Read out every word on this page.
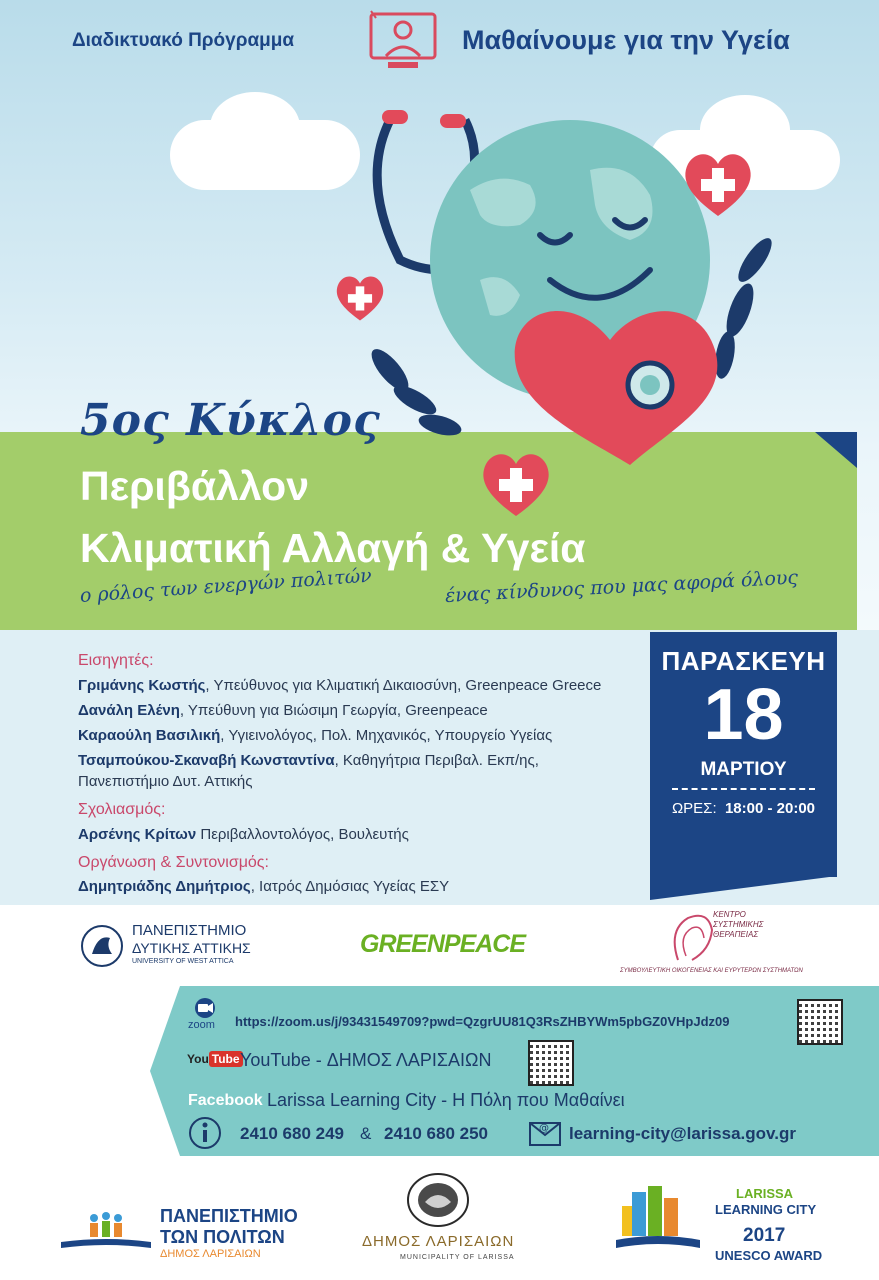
Διαδικτυακό Πρόγραμμα	Μαθαίνουμε για την Υγεία
5ος Κύκλος
Περιβάλλον
Κλιματική Αλλαγή & Υγεία
ο ρόλος των ενεργών πολιτών	ένας κίνδυνος που μας αφορά όλους
Εισηγητές:
Γριμάνης Κωστής, Υπεύθυνος για Κλιματική Δικαιοσύνη, Greenpeace Greece
Δανάλη Ελένη, Υπεύθυνη για Βιώσιμη Γεωργία, Greenpeace
Καραούλη Βασιλική, Υγιεινολόγος, Πολ. Μηχανικός, Υπουργείο Υγείας
Τσαμπούκου-Σκαναβή Κωνσταντίνα, Καθηγήτρια Περιβαλ. Εκπ/ης,
Πανεπιστήμιο Δυτ. Αττικής
Σχολιασμός:
Αρσένης Κρίτων Περιβαλλοντολόγος, Βουλευτής
Οργάνωση & Συντονισμός:
Δημητριάδης Δημήτριος, Ιατρός Δημόσιας Υγείας ΕΣΥ
ΠΑΡΑΣΚΕΥΗ
18
ΜΑΡΤΙΟΥ
ΩΡΕΣ: 18:00 - 20:00
ΠΑΝΕΠΙΣΤΗΜΙΟ
ΔΥΤΙΚΗΣ ΑΤΤΙΚΗΣ
UNIVERSITY OF WEST ATTICA
GREENPEACE
ΚΕΝΤΡΟ
ΣΥΣΤΗΜΙΚΗΣ
ΘΕΡΑΠΕΙΑΣ
ΣΥΜΒΟΥΛΕΥΤΙΚΗ ΟΙΚΟΓΕΝΕΙΑΣ ΚΑΙ ΕΥΡΥΤΕΡΩΝ ΣΥΣΤΗΜΑΤΩΝ
zoom https://zoom.us/j/93431549709?pwd=QzgrUU81Q3RsZHBYWm5pbGZ0VHpJdz09
You Tube YouTube - ΔΗΜΟΣ ΛΑΡΙΣΑΙΩΝ
Facebook Larissa Learning City - Η Πόλη που Μαθαίνει
2410 680 249 & 2410 680 250	@ learning-city@larissa.gov.gr
ΠΑΝΕΠΙΣΤΗΜΙΟ
ΤΩΝ ΠΟΛΙΤΩΝ
ΔΗΜΟΣ ΛΑΡΙΣΑΙΩΝ
ΔΗΜΟΣ ΛΑΡΙΣΑΙΩΝ
MUNICIPALITY OF LARISSA
LARISSA
LEARNING CITY
2017
UNESCO AWARD
